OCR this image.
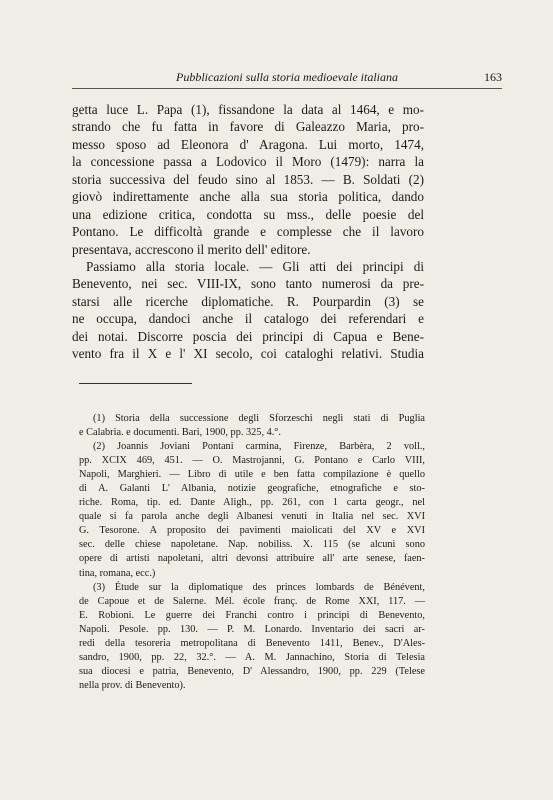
Pubblicazioni sulla storia medioevale italiana	163
getta luce L. Papa (1), fissandone la data al 1464, e mo-
strando che fu fatta in favore di Galeazzo Maria, pro-
messo sposo ad Eleonora d' Aragona. Lui morto, 1474,
la concessione passa a Lodovico il Moro (1479): narra la
storia successiva del feudo sino al 1853. — B. Soldati (2)
giovò indirettamente anche alla sua storia politica, dando
una edizione critica, condotta su mss., delle poesie del
Pontano. Le difficoltà grande e complesse che il lavoro
presentava, accrescono il merito dell' editore.
Passiamo alla storia locale. — Gli atti dei principi di
Benevento, nei sec. VIII-IX, sono tanto numerosi da pre-
starsi alle ricerche diplomatiche. R. Pourpardin (3) se
ne occupa, dandoci anche il catalogo dei referendari e
dei notai. Discorre poscia dei principi di Capua e Bene-
vento fra il X e l' XI secolo, coi cataloghi relativi. Studia
(1) Storia della successione degli Sforzeschi negli stati di Puglia
e Calabria. e documenti. Bari, 1900, pp. 325, 4.°.
(2) Joannis Joviani Pontani carmina, Firenze, Barbèra, 2 voll.,
pp. XCIX 469, 451. — O. Mastrojanni, G. Pontano e Carlo VIII,
Napoli, Marghieri. — Libro di utile e ben fatta compilazione è quello
di A. Galanti L' Albania, notizie geografiche, etnografiche e sto-
riche. Roma, tip. ed. Dante Aligh., pp. 261, con 1 carta geogr., nel
quale si fa parola anche degli Albanesi venuti in Italia nel sec. XVI
G. Tesorone. A proposito dei pavimenti maiolicati del XV e XVI
sec. delle chiese napoletane. Nap. nobiliss. X. 115 (se alcuni sono
opere di artisti napoletani, altri devonsi attribuire all' arte senese, faen-
tina, romana, ecc.)
(3) Étude sur la diplomatique des princes lombards de Bénévent,
de Capoue et de Salerne. Mél. école franç. de Rome XXI, 117. —
E. Robioni. Le guerre dei Franchi contro i principi di Benevento,
Napoli. Pesole. pp. 130. — P. M. Lonardo. Inventario dei sacri ar-
redi della tesoreria metropolitana di Benevento 1411, Benev., D'Ales-
sandro, 1900, pp. 22, 32.°. — A. M. Jannachino, Storia di Telesia
sua diocesi e patria, Benevento, D' Alessandro, 1900, pp. 229 (Telese
nella prov. di Benevento).
